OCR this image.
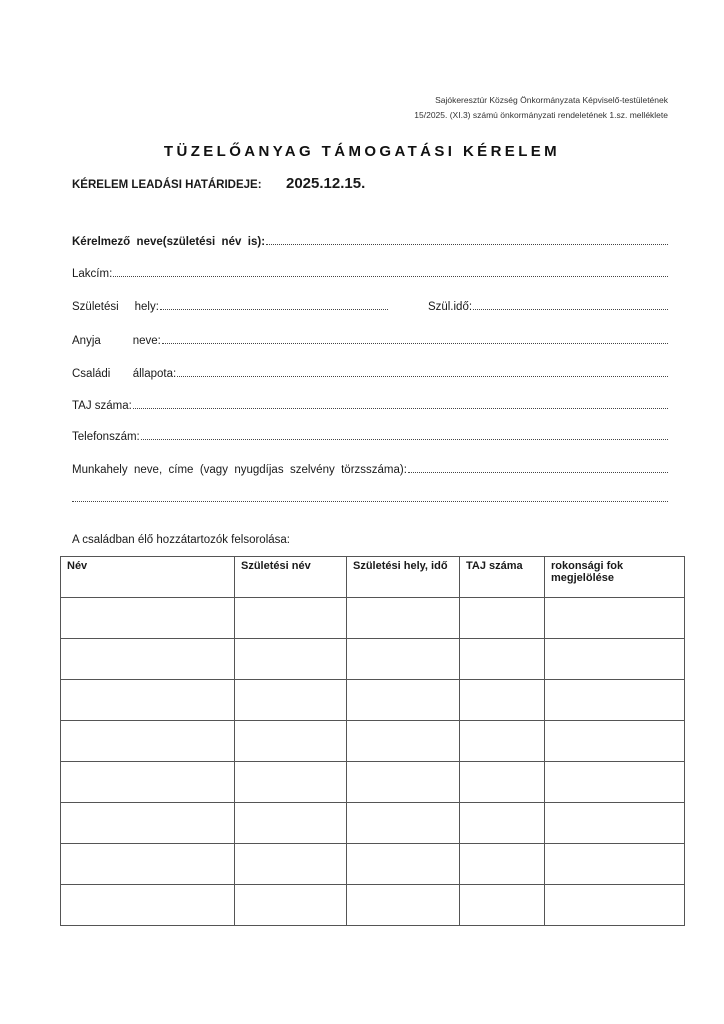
Sajókeresztúr Község Önkormányzata Képviselő-testületének
15/2025. (XI.3) számú önkormányzati rendeletének 1.sz. melléklete
TÜZELŐANYAG TÁMOGATÁSI KÉRELEM
KÉRELEM LEADÁSI HATÁRIDEJE: 2025.12.15.
Kérelmező  neve(születési  név  is):
Lakcím:
Születési     hely:	Szül.idő:
Anyja          neve:
Családi       állapota:
TAJ száma:
Telefonszám:
Munkahely  neve,  címe  (vagy  nyugdíjas  szelvény  törzsszáma):
A családban élő hozzátartozók felsorolása:
Név	Születési név	Születési hely, idő	TAJ száma	rokonsági fok megjelölése
